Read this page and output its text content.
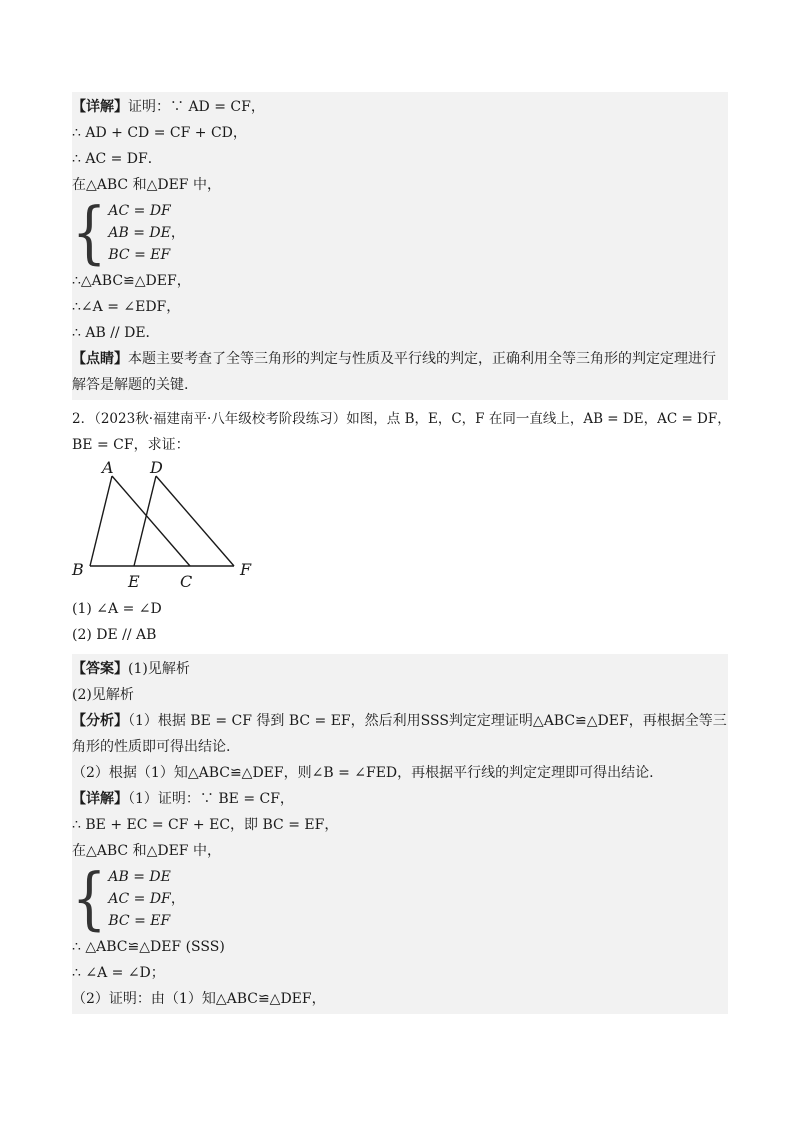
【详解】证明：∵ AD = CF，
∴ AD + CD = CF + CD，
∴ AC = DF．
在△ABC 和△DEF 中，
{ AC = DF
AB = DE
BC = EF
，
∴△ABC≌△DEF，
∴∠A = ∠EDF，
∴ AB // DE．
【点睛】本题主要考查了全等三角形的判定与性质及平行线的判定，正确利用全等三角形的判定定理进行
解答是解题的关键.
2．（2023秋·福建南平·八年级校考阶段练习）如图，点 B，E，C，F 在同一直线上，AB = DE，AC = DF，
BE = CF，求证：
A D
B
E	C
F
(1) ∠A = ∠D
(2) DE // AB
【答案】(1)见解析
(2)见解析
【分析】（1）根据 BE = CF 得到 BC = EF，然后利用SSS判定定理证明△ABC≌△DEF，再根据全等三
角形的性质即可得出结论.
（2）根据（1）知△ABC≌△DEF，则∠B = ∠FED，再根据平行线的判定定理即可得出结论.
【详解】（1）证明：∵ BE = CF，
∴ BE + EC = CF + EC，即 BC = EF，
在△ABC 和△DEF 中，
{ AB = DE
AC = DF
BC = EF
，
∴ △ABC≌△DEF (SSS)
∴ ∠A = ∠D；
（2）证明：由（1）知△ABC≌△DEF，
